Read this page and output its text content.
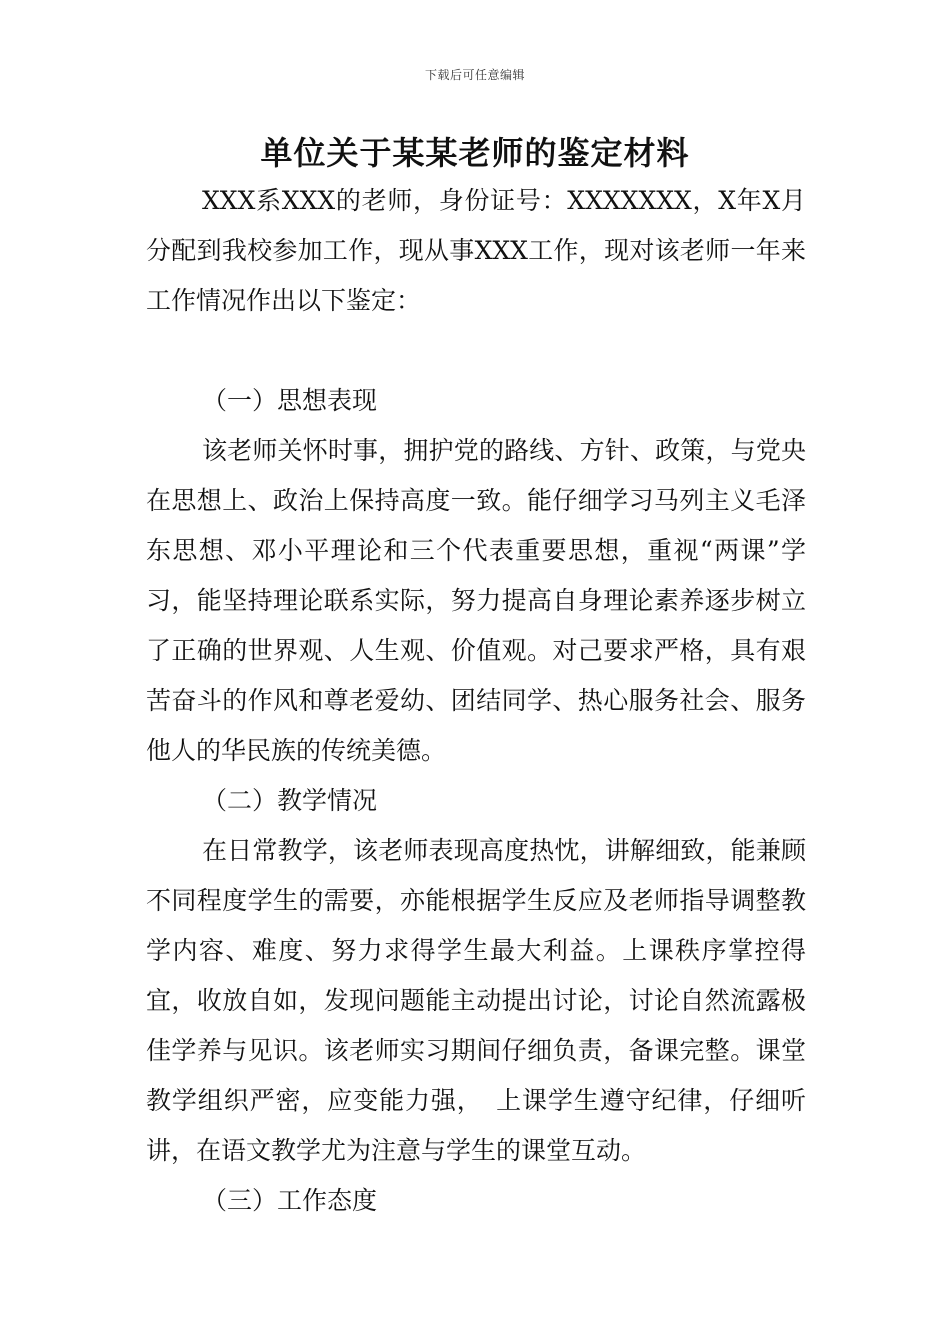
下载后可任意编辑
单位关于某某老师的鉴定材料

XXX系XXX的老师，身份证号：XXXXXXX，X年X月分配到我校参加工作，现从事XXX工作，现对该老师一年来工作情况作出以下鉴定：

（一）思想表现

该老师关怀时事，拥护党的路线、方针、政策，与党央在思想上、政治上保持高度一致。能仔细学习马列主义毛泽东思想、邓小平理论和三个代表重要思想，重视“两课”学习，能坚持理论联系实际，努力提高自身理论素养逐步树立了正确的世界观、人生观、价值观。对己要求严格，具有艰苦奋斗的作风和尊老爱幼、团结同学、热心服务社会、服务他人的华民族的传统美德。

（二）教学情况

在日常教学，该老师表现高度热忱，讲解细致，能兼顾不同程度学生的需要，亦能根据学生反应及老师指导调整教学内容、难度、努力求得学生最大利益。上课秩序掌控得宜，收放自如，发现问题能主动提出讨论，讨论自然流露极佳学养与见识。该老师实习期间仔细负责，备课完整。课堂教学组织严密，应变能力强，　上课学生遵守纪律，仔细听讲，在语文教学尤为注意与学生的课堂互动。

（三）工作态度
